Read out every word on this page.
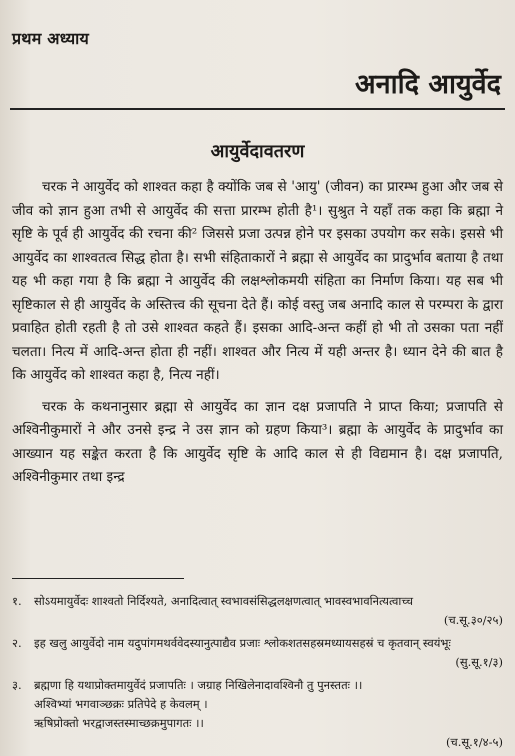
प्रथम अध्याय
अनादि आयुर्वेद
आयुर्वेदावतरण

चरक ने आयुर्वेद को शाश्वत कहा है क्योंकि जब से 'आयु' (जीवन) का प्रारम्भ हुआ और जब से जीव को ज्ञान हुआ तभी से आयुर्वेद की सत्ता प्रारम्भ होती है¹। सुश्रुत ने यहाँ तक कहा कि ब्रह्मा ने सृष्टि के पूर्व ही आयुर्वेद की रचना की² जिससे प्रजा उत्पन्न होने पर इसका उपयोग कर सके। इससे भी आयुर्वेद का शाश्वतत्व सिद्ध होता है। सभी संहिताकारों ने ब्रह्मा से आयुर्वेद का प्रादुर्भाव बताया है तथा यह भी कहा गया है कि ब्रह्मा ने आयुर्वेद की लक्षश्लोकमयी संहिता का निर्माण किया। यह सब भी सृष्टिकाल से ही आयुर्वेद के अस्तित्त्व की सूचना देते हैं। कोई वस्तु जब अनादि काल से परम्परा के द्वारा प्रवाहित होती रहती है तो उसे शाश्वत कहते हैं। इसका आदि-अन्त कहीं हो भी तो उसका पता नहीं चलता। नित्य में आदि-अन्त होता ही नहीं। शाश्वत और नित्य में यही अन्तर है। ध्यान देने की बात है कि आयुर्वेद को शाश्वत कहा है, नित्य नहीं।

चरक के कथनानुसार ब्रह्मा से आयुर्वेद का ज्ञान दक्ष प्रजापति ने प्राप्त किया; प्रजापति से अश्विनीकुमारों ने और उनसे इन्द्र ने उस ज्ञान को ग्रहण किया³। ब्रह्मा के आयुर्वेद के प्रादुर्भाव का आख्यान यह सङ्केत करता है कि आयुर्वेद सृष्टि के आदि काल से ही विद्यमान है। दक्ष प्रजापति, अश्विनीकुमार तथा इन्द्र

१.	सोऽयमायुर्वेदः शाश्वतो निर्दिश्यते, अनादित्वात् स्वभावसंसिद्धलक्षणत्वात् भावस्वभावनित्यत्वाच्च
(च.सू.३०/२५)
२.	इह खलु आयुर्वेदो नाम यदुपांगमथर्ववेदस्यानुत्पाद्यैव प्रजाः श्लोकशतसहस्रमध्यायसहस्रं च कृतवान् स्वयंभूः
(सु.सू.१/३)
३.	ब्रह्मणा हि यथाप्रोक्तमायुर्वेदं प्रजापतिः । जग्राह निखिलेनादावश्विनौ तु पुनस्ततः ।।
अश्विभ्यां भगवाञ्छक्रः प्रतिपेदे ह केवलम् ।
ऋषिप्रोक्तो भरद्वाजस्तस्माच्छक्रमुपागतः ।।
(च.सू.१/४-५)
